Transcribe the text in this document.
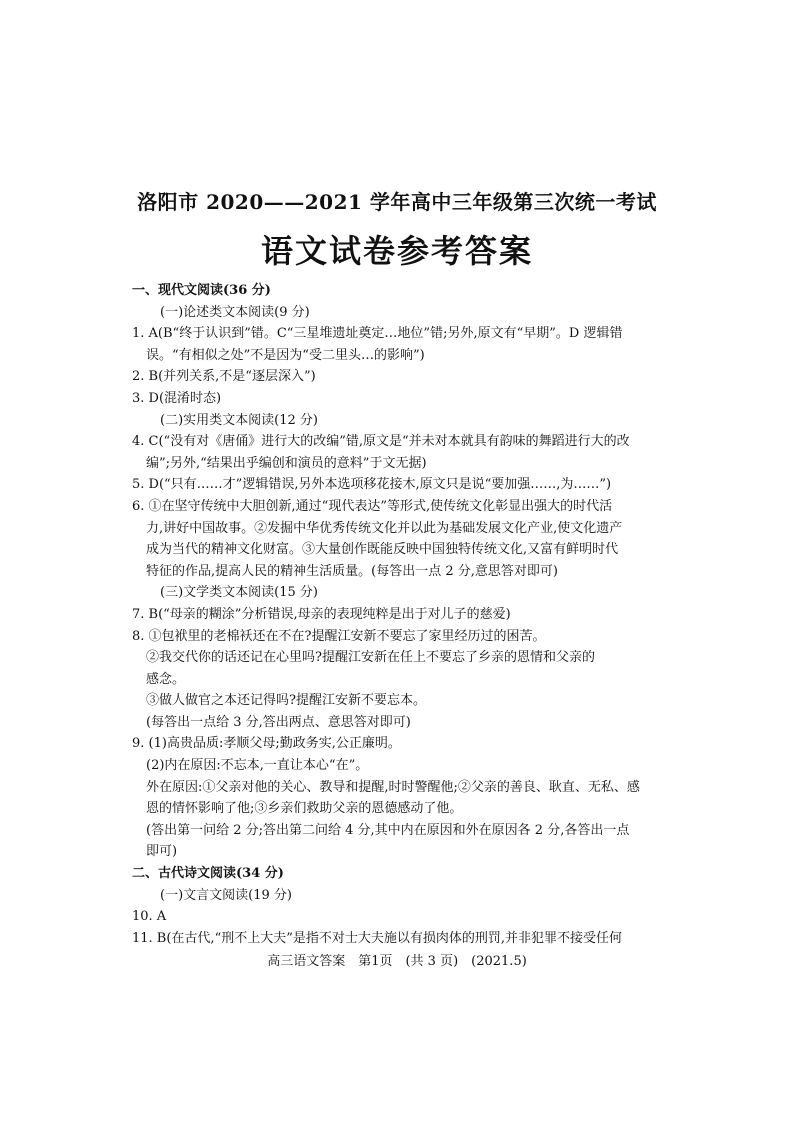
洛阳市 2020——2021 学年高中三年级第三次统一考试
语文试卷参考答案
一、现代文阅读(36 分)
(一)论述类文本阅读(9 分)
1. A(B“终于认识到”错。C“三星堆遗址奠定…地位”错;另外,原文有“早期”。D 逻辑错
误。“有相似之处”不是因为“受二里头…的影响”)
2. B(并列关系,不是“逐层深入”)
3. D(混淆时态)
(二)实用类文本阅读(12 分)
4. C(“没有对《唐俑》进行大的改编”错,原文是“并未对本就具有韵味的舞蹈进行大的改
编”;另外,“结果出乎编创和演员的意料”于文无据)
5. D(“只有……才”逻辑错误,另外本选项移花接木,原文只是说“要加强……,为……”)
6. ①在坚守传统中大胆创新,通过“现代表达”等形式,使传统文化彰显出强大的时代活
力,讲好中国故事。②发掘中华优秀传统文化并以此为基础发展文化产业,使文化遗产
成为当代的精神文化财富。③大量创作既能反映中国独特传统文化,又富有鲜明时代
特征的作品,提高人民的精神生活质量。(每答出一点 2 分,意思答对即可)
(三)文学类文本阅读(15 分)
7. B(“母亲的糊涂”分析错误,母亲的表现纯粹是出于对儿子的慈爱)
8. ①包袱里的老棉袄还在不在?提醒江安新不要忘了家里经历过的困苦。
②我交代你的话还记在心里吗?提醒江安新在任上不要忘了乡亲的恩情和父亲的
感念。
③做人做官之本还记得吗?提醒江安新不要忘本。
(每答出一点给 3 分,答出两点、意思答对即可)
9. (1)高贵品质:孝顺父母;勤政务实,公正廉明。
(2)内在原因:不忘本,一直让本心“在”。
外在原因:①父亲对他的关心、教导和提醒,时时警醒他;②父亲的善良、耿直、无私、感
恩的情怀影响了他;③乡亲们救助父亲的恩德感动了他。
(答出第一问给 2 分;答出第二问给 4 分,其中内在原因和外在原因各 2 分,各答出一点
即可)
二、古代诗文阅读(34 分)
(一)文言文阅读(19 分)
10. A
11. B(在古代,“刑不上大夫”是指不对士大夫施以有损肉体的刑罚,并非犯罪不接受任何
高三语文答案　第1页　(共 3 页)　(2021.5)
